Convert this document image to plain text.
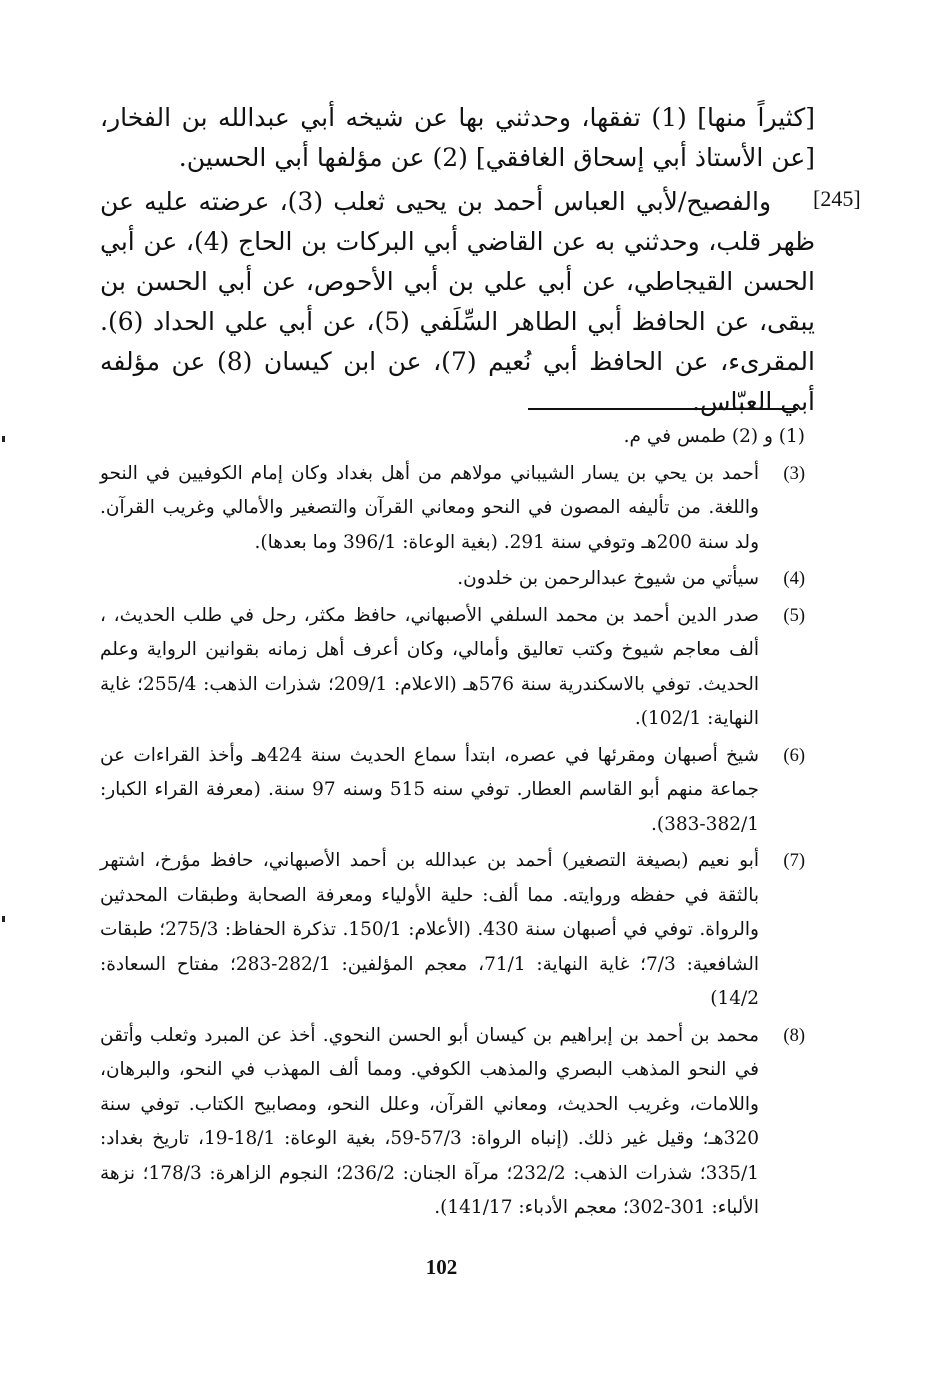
[كثيراً منها] (1) تفقها، وحدثني بها عن شيخه أبي عبدالله بن الفخار، [عن الأستاذ أبي إسحاق الغافقي] (2) عن مؤلفها أبي الحسين.

والفصيح/لأبي العباس أحمد بن يحيى ثعلب (3)، عرضته عليه عن ظهر قلب، وحدثني به عن القاضي أبي البركات بن الحاج (4)، عن أبي الحسن القيجاطي، عن أبي علي بن أبي الأحوص، عن أبي الحسن بن يبقى، عن الحافظ أبي الطاهر السِّلَفي (5)، عن أبي علي الحداد (6). المقرىء، عن الحافظ أبي نُعيم (7)، عن ابن كيسان (8) عن مؤلفه أبي العبّاس.

[245]
(1) و (2) طمس في م.
(3)
أحمد بن يحي بن يسار الشيباني مولاهم من أهل بغداد وكان إمام الكوفيين في النحو واللغة. من تأليفه المصون في النحو ومعاني القرآن والتصغير والأمالي وغريب القرآن. ولد سنة 200هـ وتوفي سنة 291. (بغية الوعاة: 396/1 وما بعدها).
(4)
سيأتي من شيوخ عبدالرحمن بن خلدون.
(5)
صدر الدين أحمد بن محمد السلفي الأصبهاني، حافظ مكثر، رحل في طلب الحديث، ، ألف معاجم شيوخ وكتب تعاليق وأمالي، وكان أعرف أهل زمانه بقوانين الرواية وعلم الحديث. توفي بالاسكندرية سنة 576هـ (الاعلام: 209/1؛ شذرات الذهب: 255/4؛ غاية النهاية: 102/1).
(6)
شيخ أصبهان ومقرئها في عصره، ابتدأ سماع الحديث سنة 424هـ وأخذ القراءات عن جماعة منهم أبو القاسم العطار. توفي سنه 515 وسنه 97 سنة. (معرفة القراء الكبار: 382/1-383).
(7)
أبو نعيم (بصيغة التصغير) أحمد بن عبدالله بن أحمد الأصبهاني، حافظ مؤرخ، اشتهر بالثقة في حفظه وروايته. مما ألف: حلية الأولياء ومعرفة الصحابة وطبقات المحدثين والرواة. توفي في أصبهان سنة 430. (الأعلام: 150/1. تذكرة الحفاظ: 275/3؛ طبقات الشافعية: 7/3؛ غاية النهاية: 71/1، معجم المؤلفين: 282/1-283؛ مفتاح السعادة: 14/2)
(8)
محمد بن أحمد بن إبراهيم بن كيسان أبو الحسن النحوي. أخذ عن المبرد وثعلب وأتقن في النحو المذهب البصري والمذهب الكوفي. ومما ألف المهذب في النحو، والبرهان، واللامات، وغريب الحديث، ومعاني القرآن، وعلل النحو، ومصابيح الكتاب. توفي سنة 320هـ؛ وقيل غير ذلك. (إنباه الرواة: 57/3-59، بغية الوعاة: 18/1-19، تاريخ بغداد: 335/1؛ شذرات الذهب: 232/2؛ مرآة الجنان: 236/2؛ النجوم الزاهرة: 178/3؛ نزهة الألباء: 301-302؛ معجم الأدباء: 141/17).
102
